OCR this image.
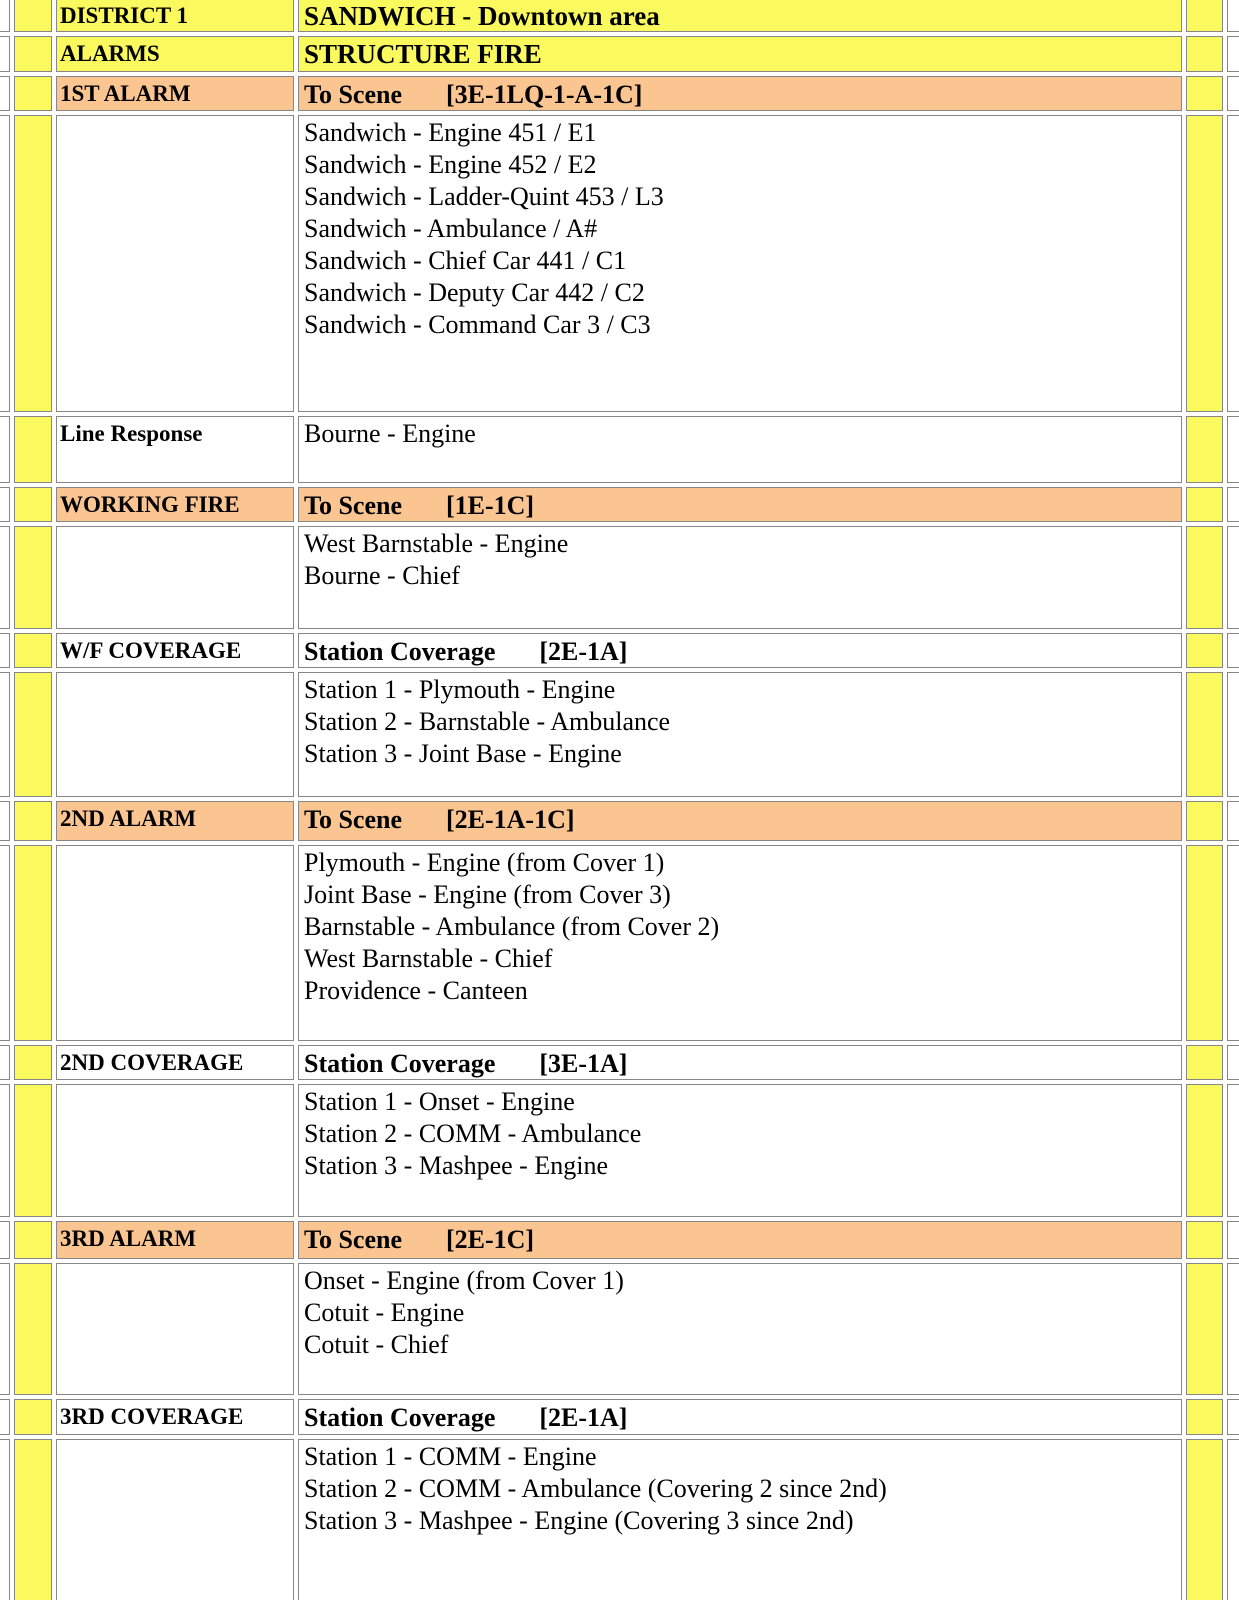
		DISTRICT 1	SANDWICH - Downtown area		

		ALARMS	STRUCTURE FIRE		

		1ST ALARM	To Scene [3E-1LQ-1-A-1C]		

Sandwich - Engine 451 / E1
Sandwich - Engine 452 / E2
Sandwich - Ladder-Quint 453 / L3
Sandwich - Ambulance / A#
Sandwich - Chief Car 441 / C1
Sandwich - Deputy Car 442 / C2
Sandwich - Command Car 3 / C3

		Line Response	Bourne - Engine		

		WORKING FIRE	To Scene [1E-1C]		

			West Barnstable - Engine
Bourne - Chief		

		W/F COVERAGE	Station Coverage [2E-1A]		

			Station 1 - Plymouth - Engine
Station 2 - Barnstable - Ambulance
Station 3 - Joint Base - Engine		

		2ND ALARM	To Scene [2E-1A-1C]		

			Plymouth - Engine (from Cover 1)
Joint Base - Engine (from Cover 3)
Barnstable - Ambulance (from Cover 2)
West Barnstable - Chief
Providence - Canteen		

		2ND COVERAGE	Station Coverage [3E-1A]		

			Station 1 - Onset - Engine
Station 2 - COMM - Ambulance
Station 3 - Mashpee - Engine		

		3RD ALARM	To Scene [2E-1C]		

			Onset - Engine (from Cover 1)
Cotuit - Engine
Cotuit - Chief		

		3RD COVERAGE	Station Coverage [2E-1A]		

			Station 1 - COMM - Engine
Station 2 - COMM - Ambulance (Covering 2 since 2nd)
Station 3 - Mashpee - Engine (Covering 3 since 2nd)		
